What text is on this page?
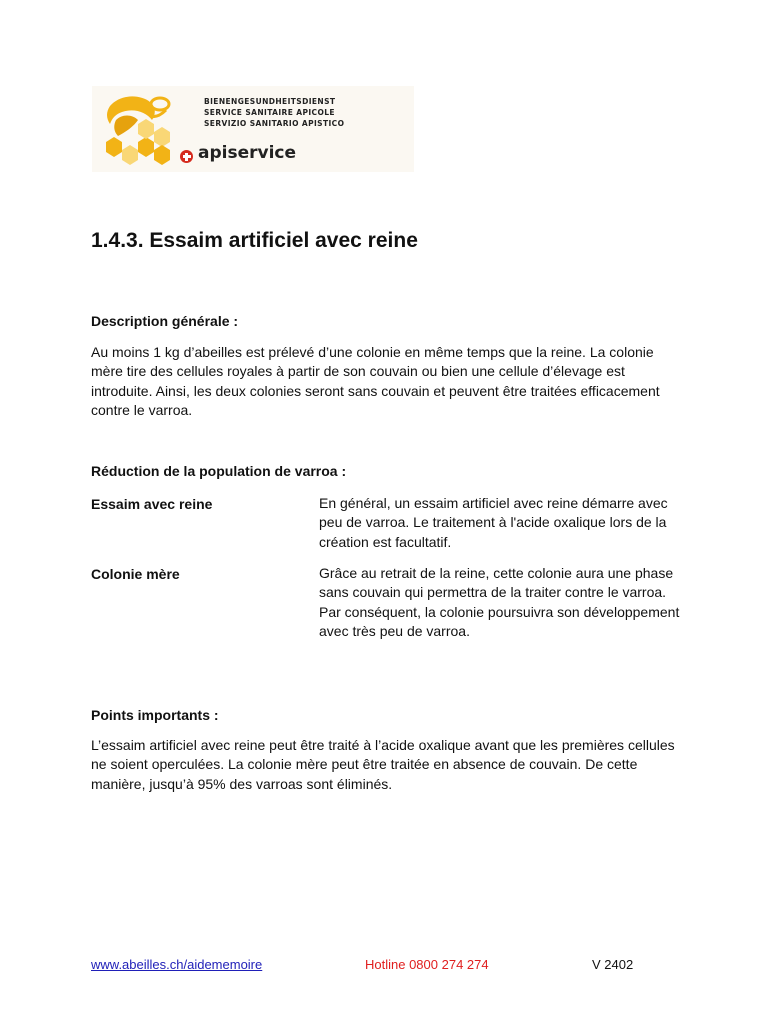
BIENENGESUNDHEITSDIENST
SERVICE SANITAIRE APICOLE
SERVIZIO SANITARIO APISTICO
apiservice
1.4.3. Essaim artificiel avec reine
Description générale :

Au moins 1 kg d’abeilles est prélevé d’une colonie en même temps que la reine. La colonie mère tire des cellules royales à partir de son couvain ou bien une cellule d’élevage est introduite. Ainsi, les deux colonies seront sans couvain et peuvent être traitées efficacement contre le varroa.

Réduction de la population de varroa :
Essaim avec reine	En général, un essaim artificiel avec reine démarre avec peu de varroa. Le traitement à l'acide oxalique lors de la création est facultatif.
Colonie mère	Grâce au retrait de la reine, cette colonie aura une phase sans couvain qui permettra de la traiter contre le varroa. Par conséquent, la colonie poursuivra son développement avec très peu de varroa.
Points importants :

L’essaim artificiel avec reine peut être traité à l’acide oxalique avant que les premières cellules ne soient operculées. La colonie mère peut être traitée en absence de couvain. De cette manière, jusqu’à 95% des varroas sont éliminés.

www.abeilles.ch/aidememoire	Hotline 0800 274 274	V 2402
